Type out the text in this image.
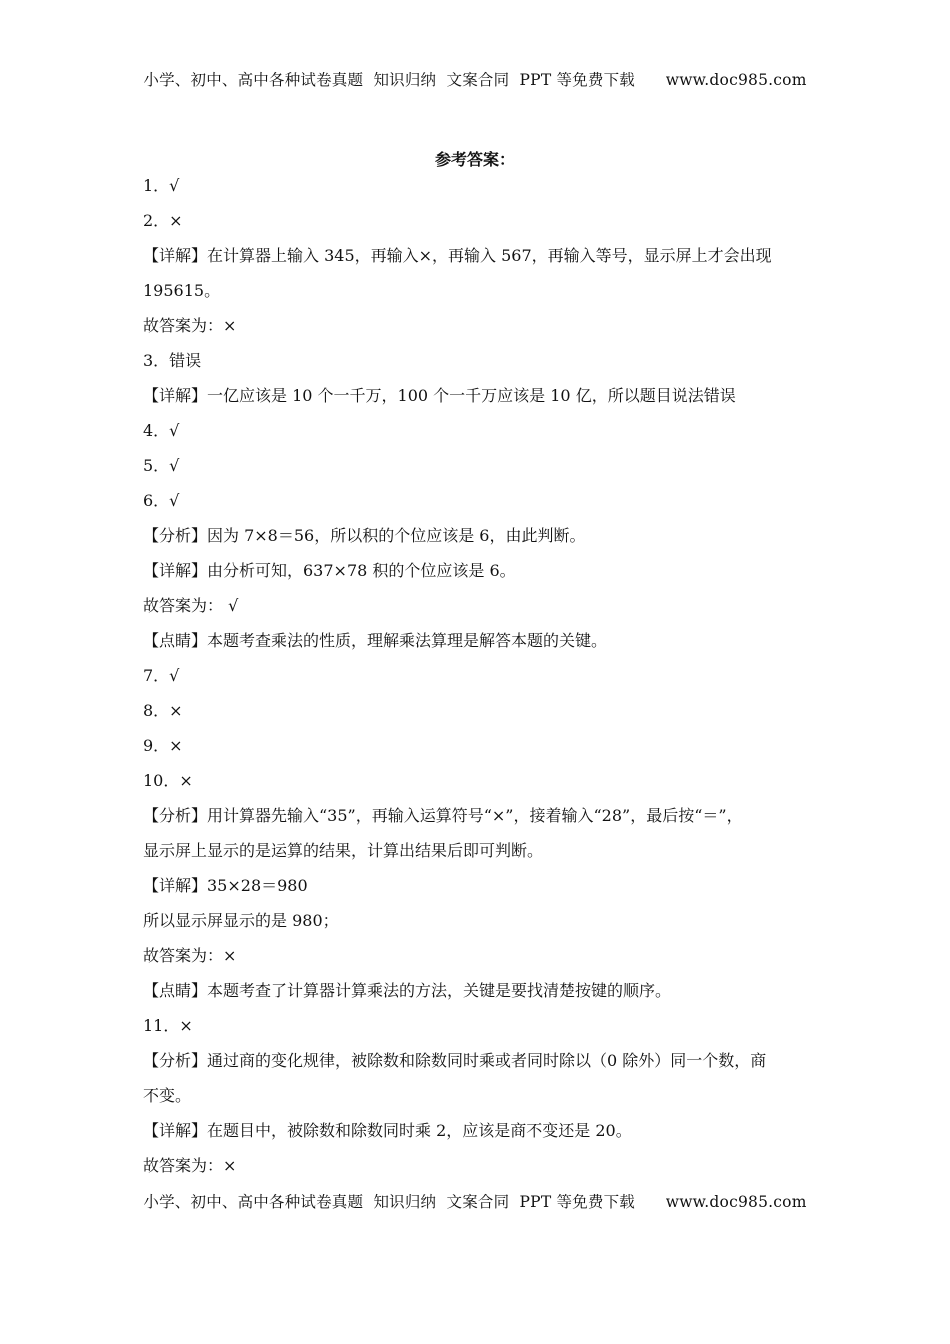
小学、初中、高中各种试卷真题  知识归纳  文案合同  PPT 等免费下载      www.doc985.com
参考答案：
1．√
2．×
【详解】在计算器上输入 345，再输入×，再输入 567，再输入等号，显示屏上才会出现
195615。
故答案为：×
3．错误
【详解】一亿应该是 10 个一千万，100 个一千万应该是 10 亿，所以题目说法错误
4．√
5．√
6．√
【分析】因为 7×8＝56，所以积的个位应该是 6，由此判断。
【详解】由分析可知，637×78 积的个位应该是 6。
故答案为： √
【点睛】本题考查乘法的性质，理解乘法算理是解答本题的关键。
7．√
8．×
9．×
10．×
【分析】用计算器先输入“35”，再输入运算符号“×”，接着输入“28”，最后按“＝”，
显示屏上显示的是运算的结果，计算出结果后即可判断。
【详解】35×28＝980
所以显示屏显示的是 980；
故答案为：×
【点睛】本题考查了计算器计算乘法的方法，关键是要找清楚按键的顺序。
11．×
【分析】通过商的变化规律，被除数和除数同时乘或者同时除以（0 除外）同一个数，商
不变。
【详解】在题目中，被除数和除数同时乘 2，应该是商不变还是 20。
故答案为：×
小学、初中、高中各种试卷真题  知识归纳  文案合同  PPT 等免费下载      www.doc985.com
